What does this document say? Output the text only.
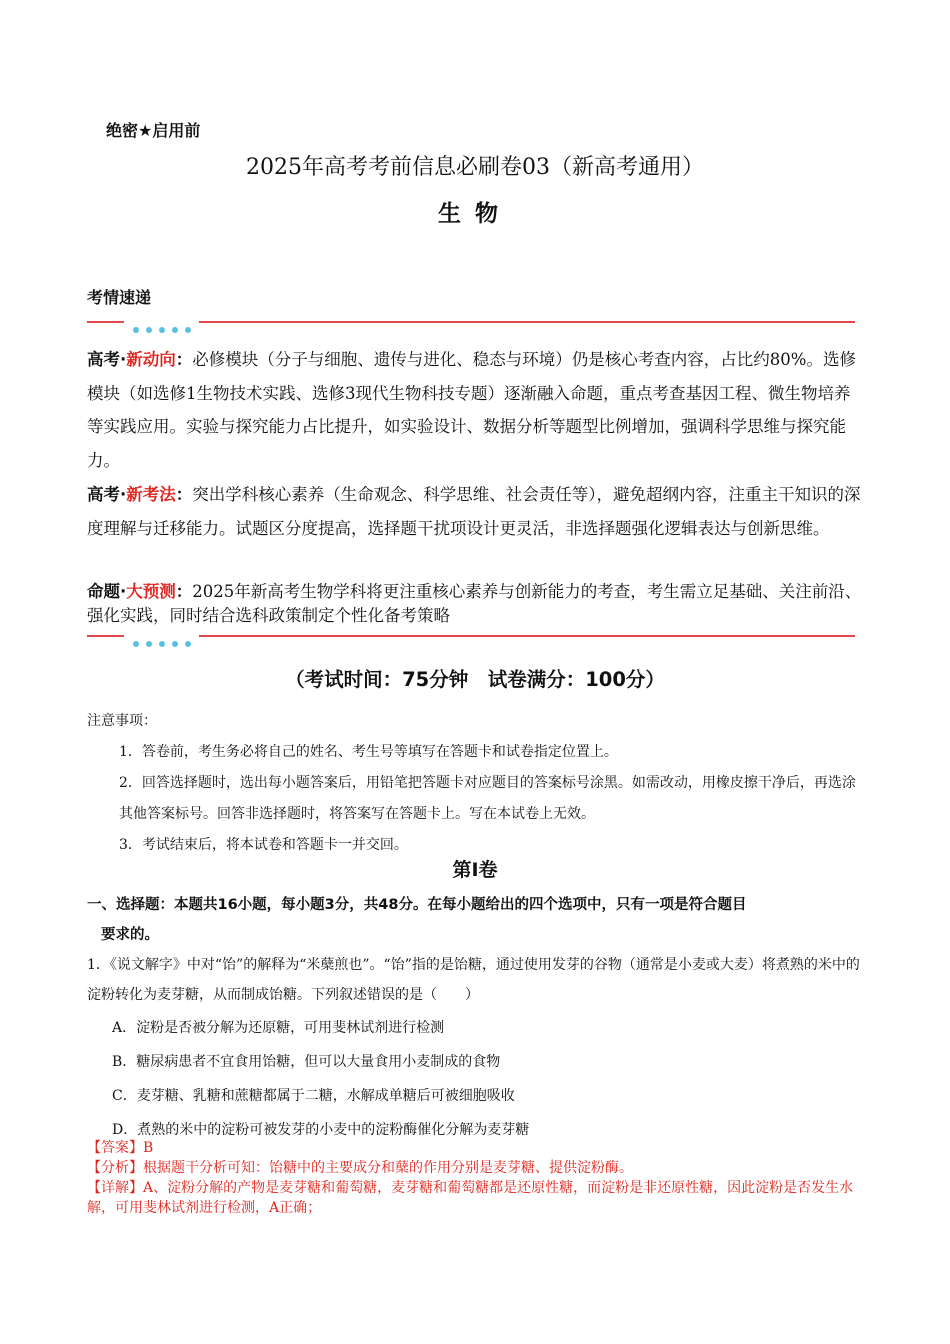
绝密★启用前
2025年高考考前信息必刷卷03（新高考通用）
生物
考情速递
高考·新动向：必修模块（分子与细胞、遗传与进化、稳态与环境）仍是核心考查内容，占比约80%。选修模块（如选修1生物技术实践、选修3现代生物科技专题）逐渐融入命题，重点考查基因工程、微生物培养等实践应用。实验与探究能力占比提升，如实验设计、数据分析等题型比例增加，强调科学思维与探究能力。
高考·新考法：突出学科核心素养（生命观念、科学思维、社会责任等），避免超纲内容，注重主干知识的深度理解与迁移能力。试题区分度提高，选择题干扰项设计更灵活，非选择题强化逻辑表达与创新思维。
命题·大预测：2025年新高考生物学科将更注重核心素养与创新能力的考查，考生需立足基础、关注前沿、强化实践，同时结合选科政策制定个性化备考策略
（考试时间：75分钟　试卷满分：100分）
注意事项：
1．答卷前，考生务必将自己的姓名、考生号等填写在答题卡和试卷指定位置上。
2．回答选择题时，选出每小题答案后，用铅笔把答题卡对应题目的答案标号涂黑。如需改动，用橡皮擦干净后，再选涂其他答案标号。回答非选择题时，将答案写在答题卡上。写在本试卷上无效。
3．考试结束后，将本试卷和答题卡一并交回。
第Ⅰ卷
一、选择题：本题共16小题，每小题3分，共48分。在每小题给出的四个选项中，只有一项是符合题目
要求的。
1．《说文解字》中对“饴”的解释为“米蘖煎也”。“饴”指的是饴糖，通过使用发芽的谷物（通常是小麦或大麦）将煮熟的米中的淀粉转化为麦芽糖，从而制成饴糖。下列叙述错误的是（　　）
A．淀粉是否被分解为还原糖，可用斐林试剂进行检测
B．糖尿病患者不宜食用饴糖，但可以大量食用小麦制成的食物
C．麦芽糖、乳糖和蔗糖都属于二糖，水解成单糖后可被细胞吸收
D．煮熟的米中的淀粉可被发芽的小麦中的淀粉酶催化分解为麦芽糖
【答案】B
【分析】根据题干分析可知：饴糖中的主要成分和蘖的作用分别是麦芽糖、提供淀粉酶。
【详解】A、淀粉分解的产物是麦芽糖和葡萄糖，麦芽糖和葡萄糖都是还原性糖，而淀粉是非还原性糖，因此淀粉是否发生水解，可用斐林试剂进行检测，A正确；
